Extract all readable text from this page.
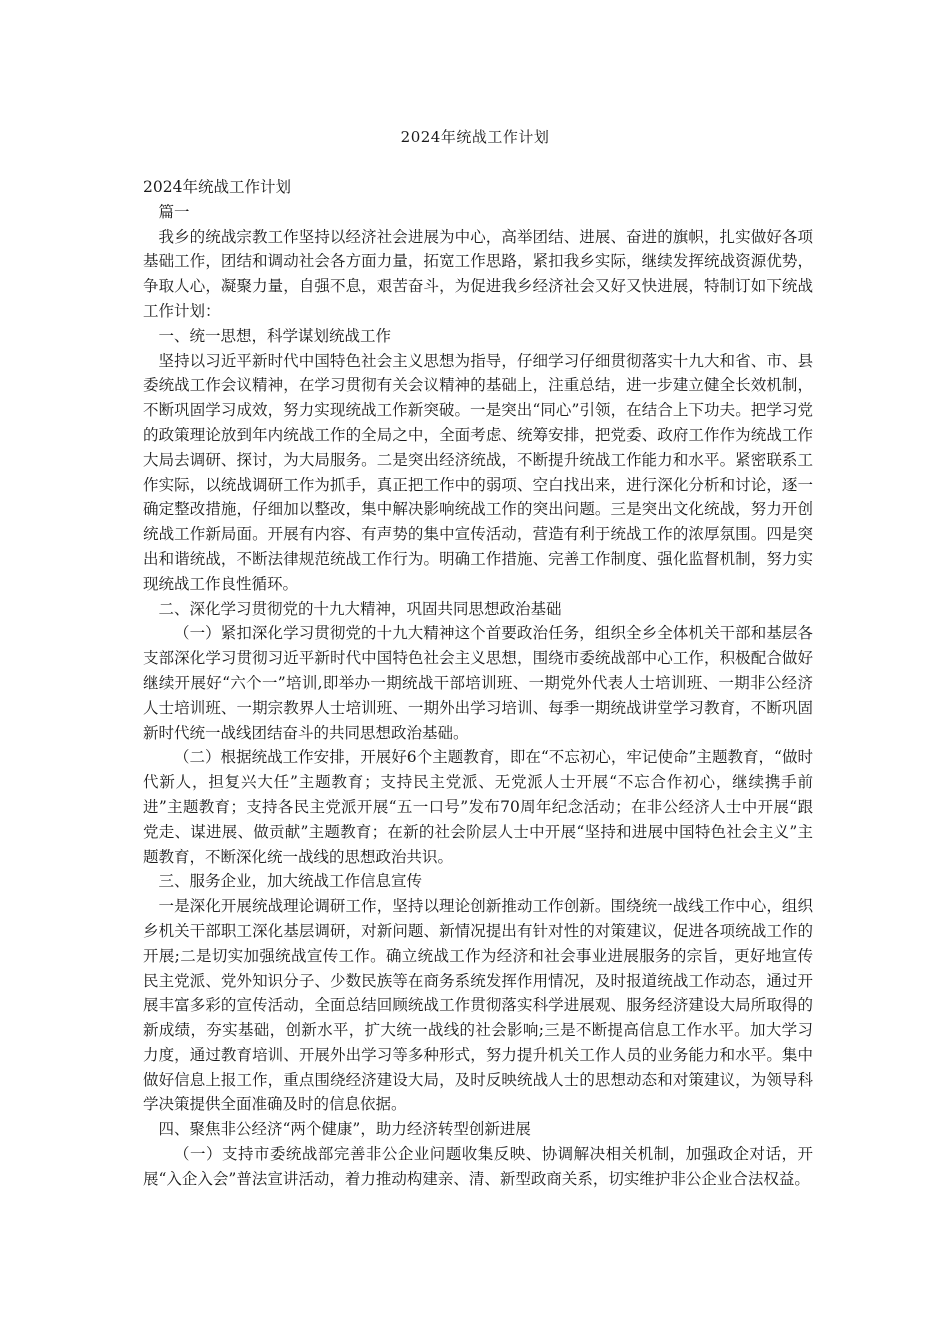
2024年统战工作计划

2024年统战工作计划

篇一

我乡的统战宗教工作坚持以经济社会进展为中心，高举团结、进展、奋进的旗帜，扎实做好各项基础工作，团结和调动社会各方面力量，拓宽工作思路，紧扣我乡实际，继续发挥统战资源优势，争取人心，凝聚力量，自强不息，艰苦奋斗，为促进我乡经济社会又好又快进展，特制订如下统战工作计划：

一、统一思想，科学谋划统战工作

坚持以习近平新时代中国特色社会主义思想为指导，仔细学习仔细贯彻落实十九大和省、市、县委统战工作会议精神，在学习贯彻有关会议精神的基础上，注重总结，进一步建立健全长效机制，不断巩固学习成效，努力实现统战工作新突破。一是突出“同心”引领，在结合上下功夫。把学习党的政策理论放到年内统战工作的全局之中，全面考虑、统筹安排，把党委、政府工作作为统战工作大局去调研、探讨，为大局服务。二是突出经济统战，不断提升统战工作能力和水平。紧密联系工作实际，以统战调研工作为抓手，真正把工作中的弱项、空白找出来，进行深化分析和讨论，逐一确定整改措施，仔细加以整改，集中解决影响统战工作的突出问题。三是突出文化统战，努力开创统战工作新局面。开展有内容、有声势的集中宣传活动，营造有利于统战工作的浓厚氛围。四是突出和谐统战，不断法律规范统战工作行为。明确工作措施、完善工作制度、强化监督机制，努力实现统战工作良性循环。

二、深化学习贯彻党的十九大精神，巩固共同思想政治基础

（一）紧扣深化学习贯彻党的十九大精神这个首要政治任务，组织全乡全体机关干部和基层各支部深化学习贯彻习近平新时代中国特色社会主义思想，围绕市委统战部中心工作，积极配合做好继续开展好“六个一”培训,即举办一期统战干部培训班、一期党外代表人士培训班、一期非公经济人士培训班、一期宗教界人士培训班、一期外出学习培训、每季一期统战讲堂学习教育，不断巩固新时代统一战线团结奋斗的共同思想政治基础。

（二）根据统战工作安排，开展好6个主题教育，即在“不忘初心，牢记使命”主题教育，“做时代新人，担复兴大任”主题教育；支持民主党派、无党派人士开展“不忘合作初心，继续携手前进”主题教育；支持各民主党派开展“五一口号”发布70周年纪念活动；在非公经济人士中开展“跟党走、谋进展、做贡献”主题教育；在新的社会阶层人士中开展“坚持和进展中国特色社会主义”主题教育，不断深化统一战线的思想政治共识。

三、服务企业，加大统战工作信息宣传

一是深化开展统战理论调研工作，坚持以理论创新推动工作创新。围绕统一战线工作中心，组织乡机关干部职工深化基层调研，对新问题、新情况提出有针对性的对策建议，促进各项统战工作的开展;二是切实加强统战宣传工作。确立统战工作为经济和社会事业进展服务的宗旨，更好地宣传民主党派、党外知识分子、少数民族等在商务系统发挥作用情况，及时报道统战工作动态，通过开展丰富多彩的宣传活动，全面总结回顾统战工作贯彻落实科学进展观、服务经济建设大局所取得的新成绩，夯实基础，创新水平，扩大统一战线的社会影响;三是不断提高信息工作水平。加大学习力度，通过教育培训、开展外出学习等多种形式，努力提升机关工作人员的业务能力和水平。集中做好信息上报工作，重点围绕经济建设大局，及时反映统战人士的思想动态和对策建议，为领导科学决策提供全面准确及时的信息依据。

四、聚焦非公经济“两个健康”，助力经济转型创新进展

（一）支持市委统战部完善非公企业问题收集反映、协调解决相关机制，加强政企对话，开展“入企入会”普法宣讲活动，着力推动构建亲、清、新型政商关系，切实维护非公企业合法权益。
